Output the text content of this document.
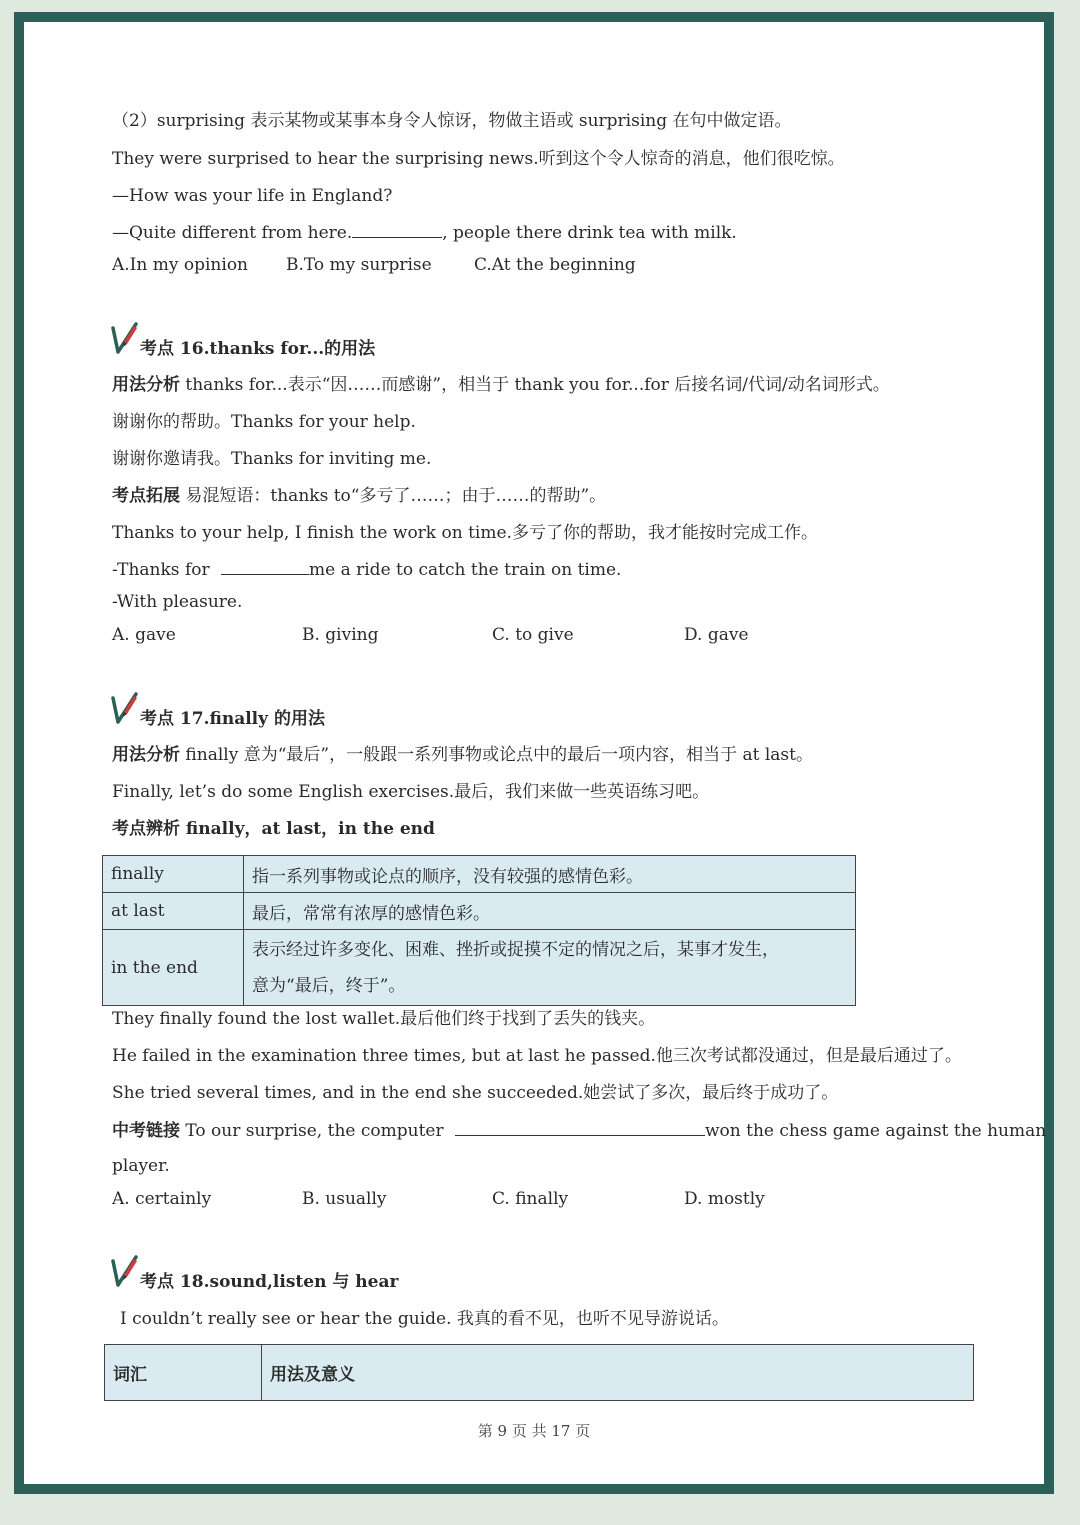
（2）surprising 表示某物或某事本身令人惊讶，物做主语或 surprising 在句中做定语。
They were surprised to hear the surprising news.听到这个令人惊奇的消息，他们很吃惊。
—How was your life in England?
—Quite different from here.	, people there drink tea with milk.
A.In my opinion B.To my surprise C.At the beginning
考点 16.thanks for...的用法
用法分析 thanks for...表示“因……而感谢”，相当于 thank you for...for 后接名词/代词/动名词形式。
谢谢你的帮助。Thanks for your help.
谢谢你邀请我。Thanks for inviting me.
考点拓展 易混短语：thanks to“多亏了……；由于……的帮助”。
Thanks to your help, I finish the work on time.多亏了你的帮助，我才能按时完成工作。
-Thanks for	me a ride to catch the train on time.
-With pleasure.
A. gave	B. giving	C. to give	D. gave
考点 17.finally 的用法
用法分析 finally 意为“最后”，一般跟一系列事物或论点中的最后一项内容，相当于 at last。
Finally, let’s do some English exercises.最后，我们来做一些英语练习吧。
考点辨析 finally，at last，in the end
finally	指一系列事物或论点的顺序，没有较强的感情色彩。
at last	最后，常常有浓厚的感情色彩。
in the end	表示经过许多变化、困难、挫折或捉摸不定的情况之后，某事才发生，
意为“最后，终于”。
They finally found the lost wallet.最后他们终于找到了丢失的钱夹。
He failed in the examination three times, but at last he passed.他三次考试都没通过，但是最后通过了。
She tried several times, and in the end she succeeded.她尝试了多次，最后终于成功了。
中考链接 To our surprise, the computer	won the chess game against the human
player.
A. certainly	B. usually	C. finally	D. mostly
考点 18.sound,listen 与 hear
I couldn’t really see or hear the guide. 我真的看不见，也听不见导游说话。
词汇	用法及意义
第 9 页 共 17 页
